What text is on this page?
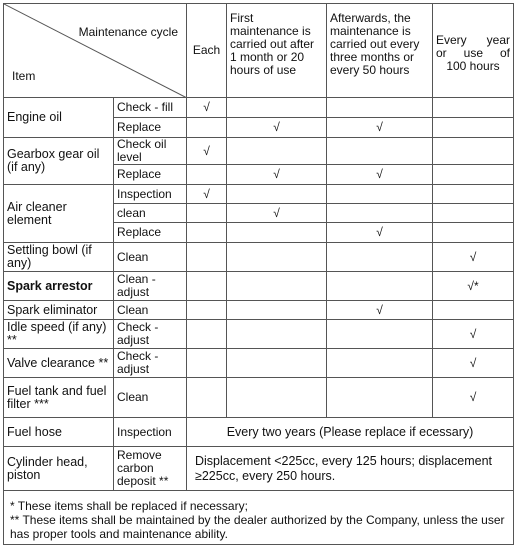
Maintenance cycle
Item		Each	First maintenance is carried out after 1 month or 20 hours of use	Afterwards, the maintenance is carried out every three months or every 50 hours	Every year
or use of
100 hours

Engine oil	Check - fill	√			
	Replace		√	√	
Gearbox gear oil (if any)	Check oil level	√			
	Replace		√	√	
Air cleaner element	Inspection	√			
	clean		√		
	Replace			√	
Settling bowl (if any)	Clean				√
Spark arrestor	Clean - adjust				√*
Spark eliminator	Clean			√	
Idle speed (if any) **	Check - adjust				√
Valve clearance **	Check - adjust				√
Fuel tank and fuel filter ***	Clean				√
Fuel hose	Inspection	Every two years (Please replace if ecessary)			
Cylinder head, piston	Remove carbon deposit **	Displacement <225cc, every 125 hours; displacement ≥225cc, every 250 hours.			

* These items shall be replaced if necessary;
** These items shall be maintained by the dealer authorized by the Company, unless the user has proper tools and maintenance ability.					
